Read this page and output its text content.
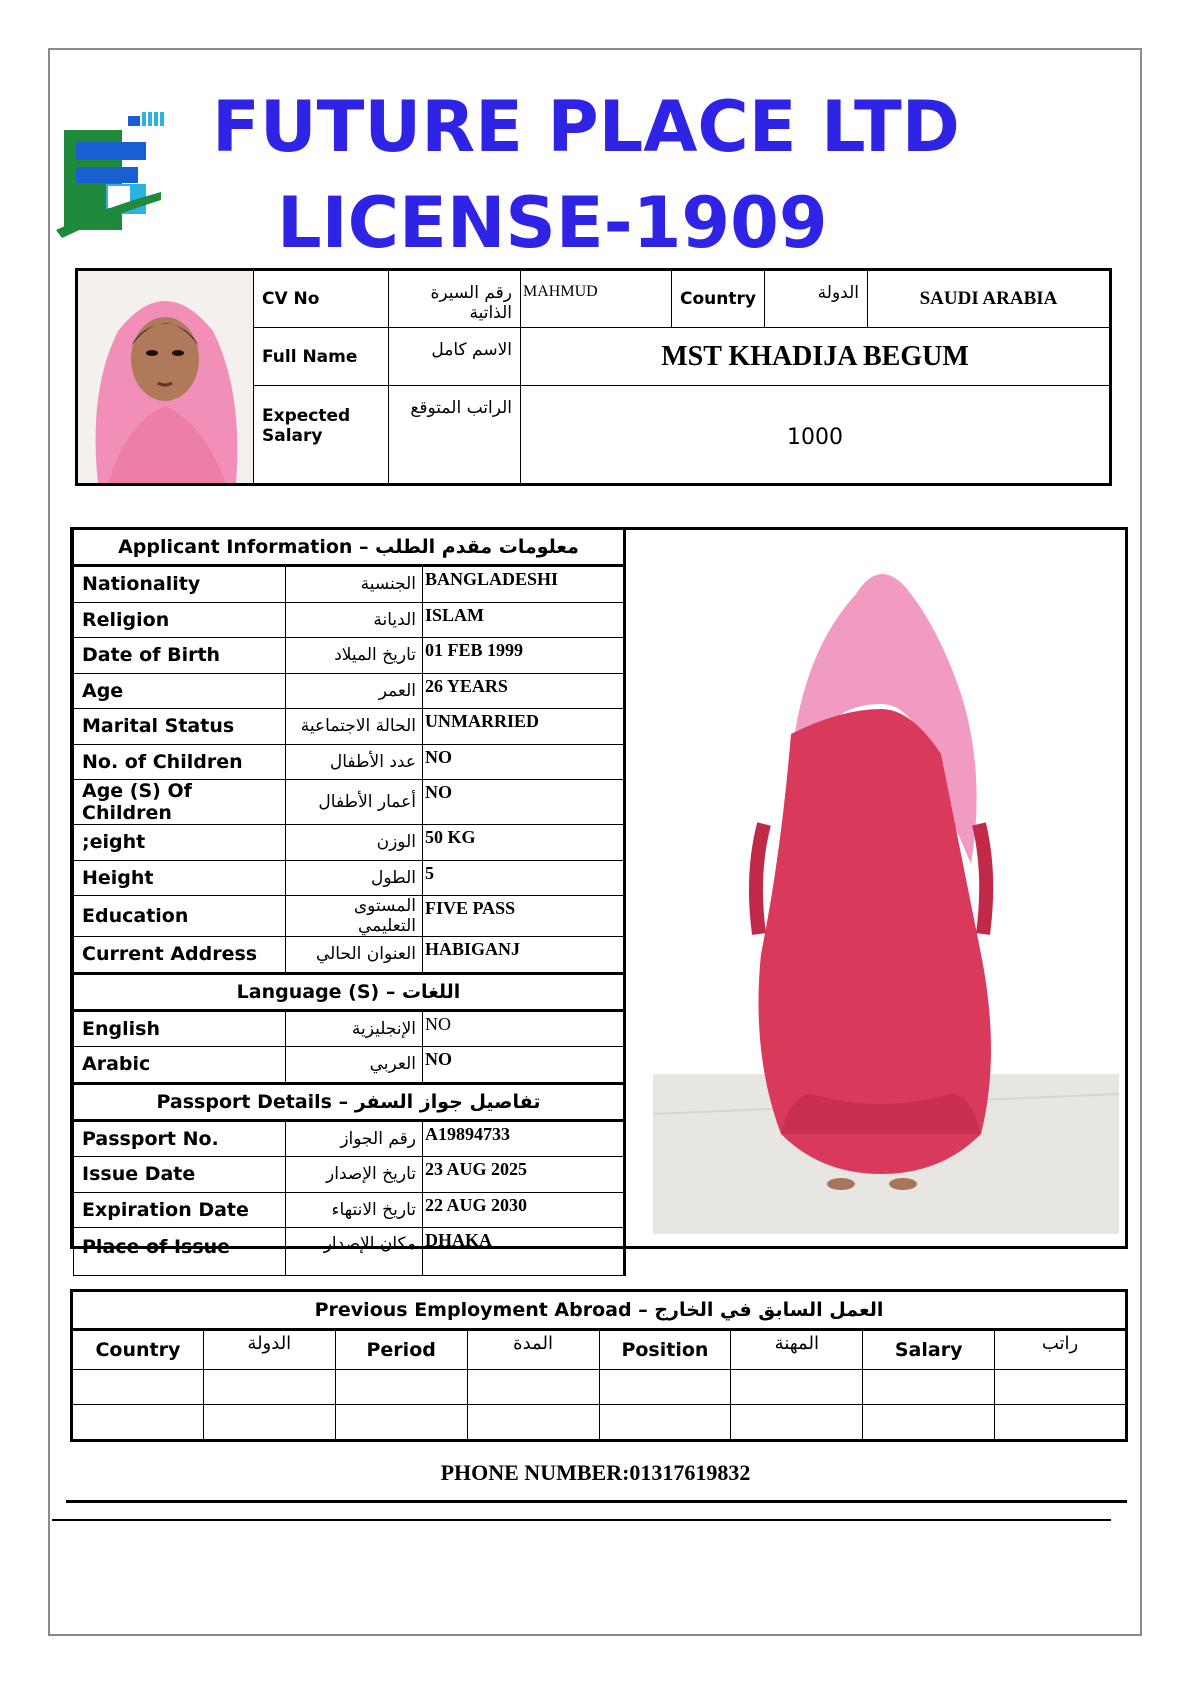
FUTURE PLACE LTD
LICENSE-1909
	CV No	رقم السيرة الذاتية	MAHMUD	Country	الدولة	SAUDI ARABIA
	Full Name	الاسم كامل	MST KHADIJA BEGUM			
	Expected Salary	الراتب المتوقع	1000			
Applicant Information – معلومات مقدم الطلب		
Nationality	الجنسية	BANGLADESHI
Religion	الديانة	ISLAM
Date of Birth	تاريخ الميلاد	01 FEB 1999
Age	العمر	26 YEARS
Marital Status	الحالة الاجتماعية	UNMARRIED
No. of Children	عدد الأطفال	NO
Age (S) Of Children	أعمار الأطفال	NO
;eight	الوزن	50 KG
Height	الطول	5
Education	المستوى التعليمي	FIVE PASS
Current Address	العنوان الحالي	HABIGANJ
Language (S) – اللغات		
English	الإنجليزية	NO
Arabic	العربي	NO
Passport Details – تفاصيل جواز السفر		
Passport No.	رقم الجواز	A19894733
Issue Date	تاريخ الإصدار	23 AUG 2025
Expiration Date	تاريخ الانتهاء	22 AUG 2030
Place of Issue	مكان الإصدار	DHAKA
Previous Employment Abroad – العمل السابق في الخارج							
Country	الدولة	Period	المدة	Position	المهنة	Salary	راتب

PHONE NUMBER:01317619832
